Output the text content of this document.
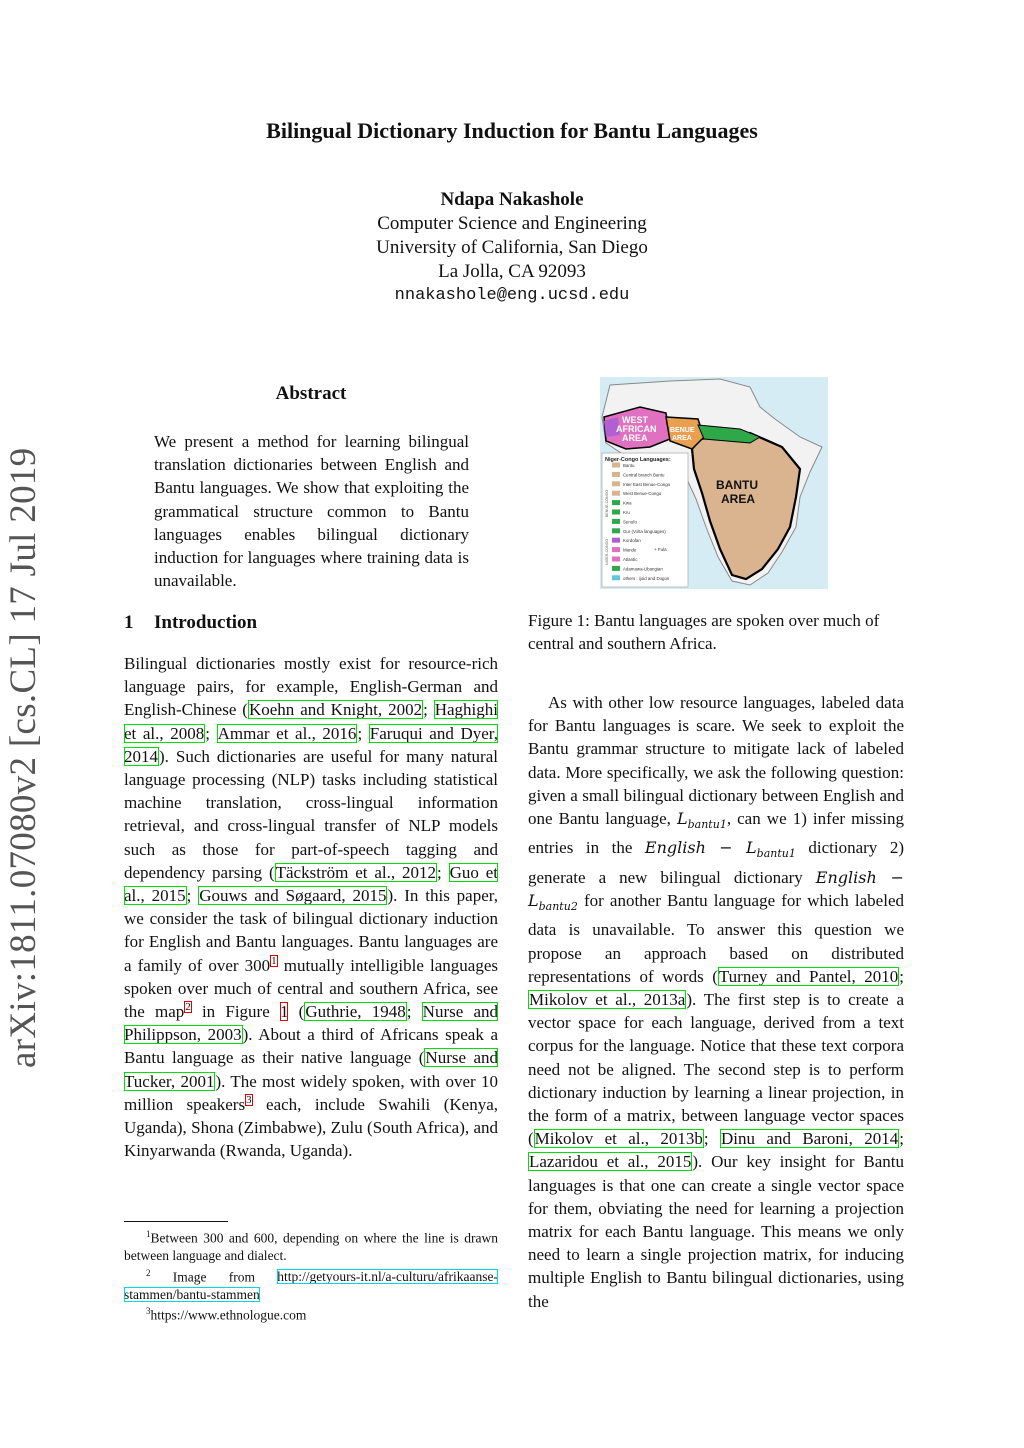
Bilingual Dictionary Induction for Bantu Languages
Ndapa Nakashole
Computer Science and Engineering
University of California, San Diego
La Jolla, CA 92093
nnakashole@eng.ucsd.edu
arXiv:1811.07080v2 [cs.CL] 17 Jul 2019
Abstract
We present a method for learning bilingual translation dictionaries between English and Bantu languages. We show that exploiting the grammatical structure common to Bantu languages enables bilingual dictionary induction for languages where training data is unavailable.
1 Introduction

Bilingual dictionaries mostly exist for resource-rich language pairs, for example, English-German and English-Chinese (Koehn and Knight, 2002; Haghighi et al., 2008; Ammar et al., 2016; Faruqui and Dyer, 2014). Such dictionaries are useful for many natural language processing (NLP) tasks including statistical machine translation, cross-lingual information retrieval, and cross-lingual transfer of NLP models such as those for part-of-speech tagging and dependency parsing (Täckström et al., 2012; Guo et al., 2015; Gouws and Søgaard, 2015). In this paper, we consider the task of bilingual dictionary induction for English and Bantu languages. Bantu languages are a family of over 300$^1$ mutually intelligible languages spoken over much of central and southern Africa, see the map$^2$ in Figure 1 (Guthrie, 1948; Nurse and Philippson, 2003). About a third of Africans speak a Bantu language as their native language (Nurse and Tucker, 2001). The most widely spoken, with over 10 million speakers$^3$ each, include Swahili (Kenya, Uganda), Shona (Zimbabwe), Zulu (South Africa), and Kinyarwanda (Rwanda, Uganda).

WEST
AFRICAN
AREA
BENUE
AREA
BANTU
AREA
Niger-Congo Languages:
BENUE-CONGO
NIGER-CONGO
Bantu
Central branch Bantu
Inter East Benue-Congo
West Benue-Congo
Kwa
Kru
Senufo
Gur (Volta languages)
Kordofan
Mande
Atlantic
Adamawa-Ubangian
others : ijoid and Dogon
+ Fula
Figure 1: Bantu languages are spoken over much of central and southern Africa.

As with other low resource languages, labeled data for Bantu languages is scare. We seek to exploit the Bantu grammar structure to mitigate lack of labeled data. More specifically, we ask the following question: given a small bilingual dictionary between English and one Bantu language, $L_{bantu1}$, can we 1) infer missing entries in the English − $L_{bantu1}$ dictionary 2) generate a new bilingual dictionary English − $L_{bantu2}$ for another Bantu language for which labeled data is unavailable. To answer this question we propose an approach based on distributed representations of words (Turney and Pantel, 2010; Mikolov et al., 2013a). The first step is to create a vector space for each language, derived from a text corpus for the language. Notice that these text corpora need not be aligned. The second step is to perform dictionary induction by learning a linear projection, in the form of a matrix, between language vector spaces (Mikolov et al., 2013b; Dinu and Baroni, 2014; Lazaridou et al., 2015). Our key insight for Bantu languages is that one can create a single vector space for them, obviating the need for learning a projection matrix for each Bantu language. This means we only need to learn a single projection matrix, for inducing multiple English to Bantu bilingual dictionaries, using the

$^1$Between 300 and 600, depending on where the line is drawn between language and dialect.
$^2$ Image from http://getyours-it.nl/a-culturu/afrikaanse-stammen/bantu-stammen
$^3$https://www.ethnologue.com
